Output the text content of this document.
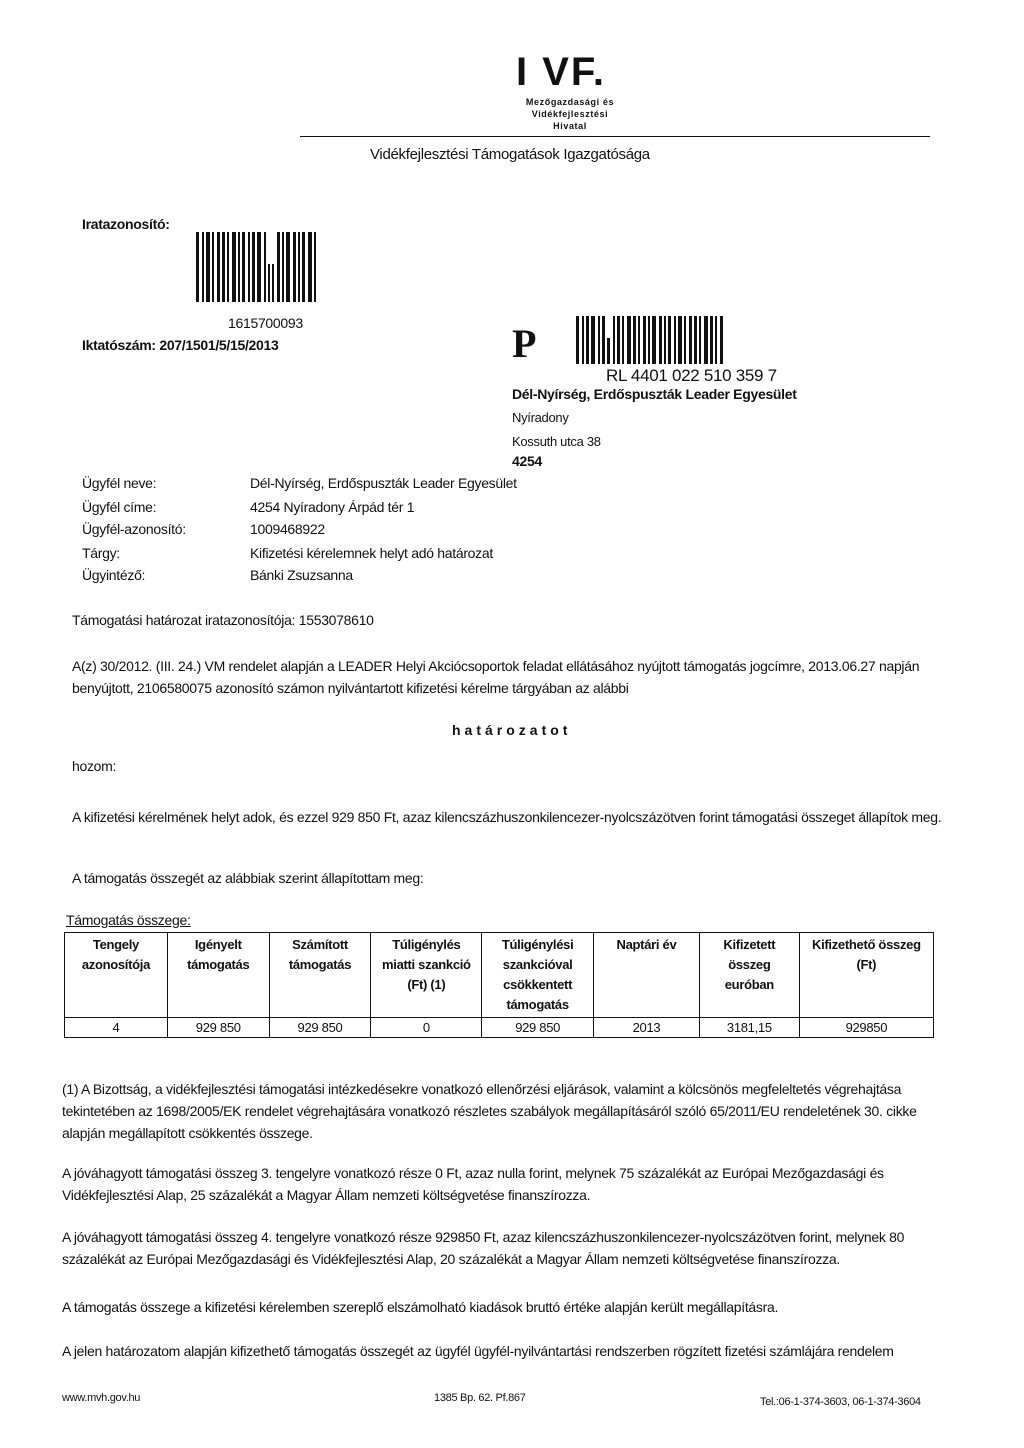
I VF.
Mezőgazdasági és
Vidékfejlesztési
Hivatal
Vidékfejlesztési Támogatások Igazgatósága
Iratazonosító:
1615700093
Iktatószám: 207/1501/5/15/2013	P
RL 4401 022 510 359 7
Dél-Nyírség, Erdőspuszták Leader Egyesület
Nyíradony
Kossuth utca 38
4254
Ügyfél neve:	Dél-Nyírség, Erdőspuszták Leader Egyesület
Ügyfél címe:	4254 Nyíradony Árpád tér 1
Ügyfél-azonosító:	1009468922
Tárgy:	Kifizetési kérelemnek helyt adó határozat
Ügyintéző:	Bánki Zsuzsanna
Támogatási határozat iratazonosítója: 1553078610

A(z) 30/2012. (III. 24.) VM rendelet alapján a LEADER Helyi Akciócsoportok feladat ellátásához nyújtott támogatás jogcímre, 2013.06.27 napján benyújtott, 2106580075 azonosító számon nyilvántartott kifizetési kérelme tárgyában az alábbi

határozatot
hozom:

A kifizetési kérelmének helyt adok, és ezzel 929 850 Ft, azaz kilencszázhuszonkilencezer-nyolcszázötven forint támogatási összeget állapítok meg.

A támogatás összegét az alábbiak szerint állapítottam meg:
Támogatás összege:
Tengely azonosítója	Igényelt támogatás	Számított támogatás	Túligénylés miatti szankció (Ft) (1)	Túligénylési szankcióval csökkentett támogatás	Naptári év	Kifizetett összeg euróban	Kifizethető összeg (Ft)
4	929 850	929 850	0	929 850	2013	3181,15	929850

(1) A Bizottság, a vidékfejlesztési támogatási intézkedésekre vonatkozó ellenőrzési eljárások, valamint a kölcsönös megfeleltetés végrehajtása tekintetében az 1698/2005/EK rendelet végrehajtására vonatkozó részletes szabályok megállapításáról szóló 65/2011/EU rendeletének 30. cikke alapján megállapított csökkentés összege.

A jóváhagyott támogatási összeg 3. tengelyre vonatkozó része 0 Ft, azaz nulla forint, melynek 75 százalékát az Európai Mezőgazdasági és Vidékfejlesztési Alap, 25 százalékát a Magyar Állam nemzeti költségvetése finanszírozza.

A jóváhagyott támogatási összeg 4. tengelyre vonatkozó része 929850 Ft, azaz kilencszázhuszonkilencezer-nyolcszázötven forint, melynek 80 százalékát az Európai Mezőgazdasági és Vidékfejlesztési Alap, 20 százalékát a Magyar Állam nemzeti költségvetése finanszírozza.

A támogatás összege a kifizetési kérelemben szereplő elszámolható kiadások bruttó értéke alapján került megállapításra.

A jelen határozatom alapján kifizethető támogatás összegét az ügyfél ügyfél-nyilvántartási rendszerben rögzített fizetési számlájára rendelem

www.mvh.gov.hu	1385 Bp. 62. Pf.867	Tel.:06-1-374-3603, 06-1-374-3604
